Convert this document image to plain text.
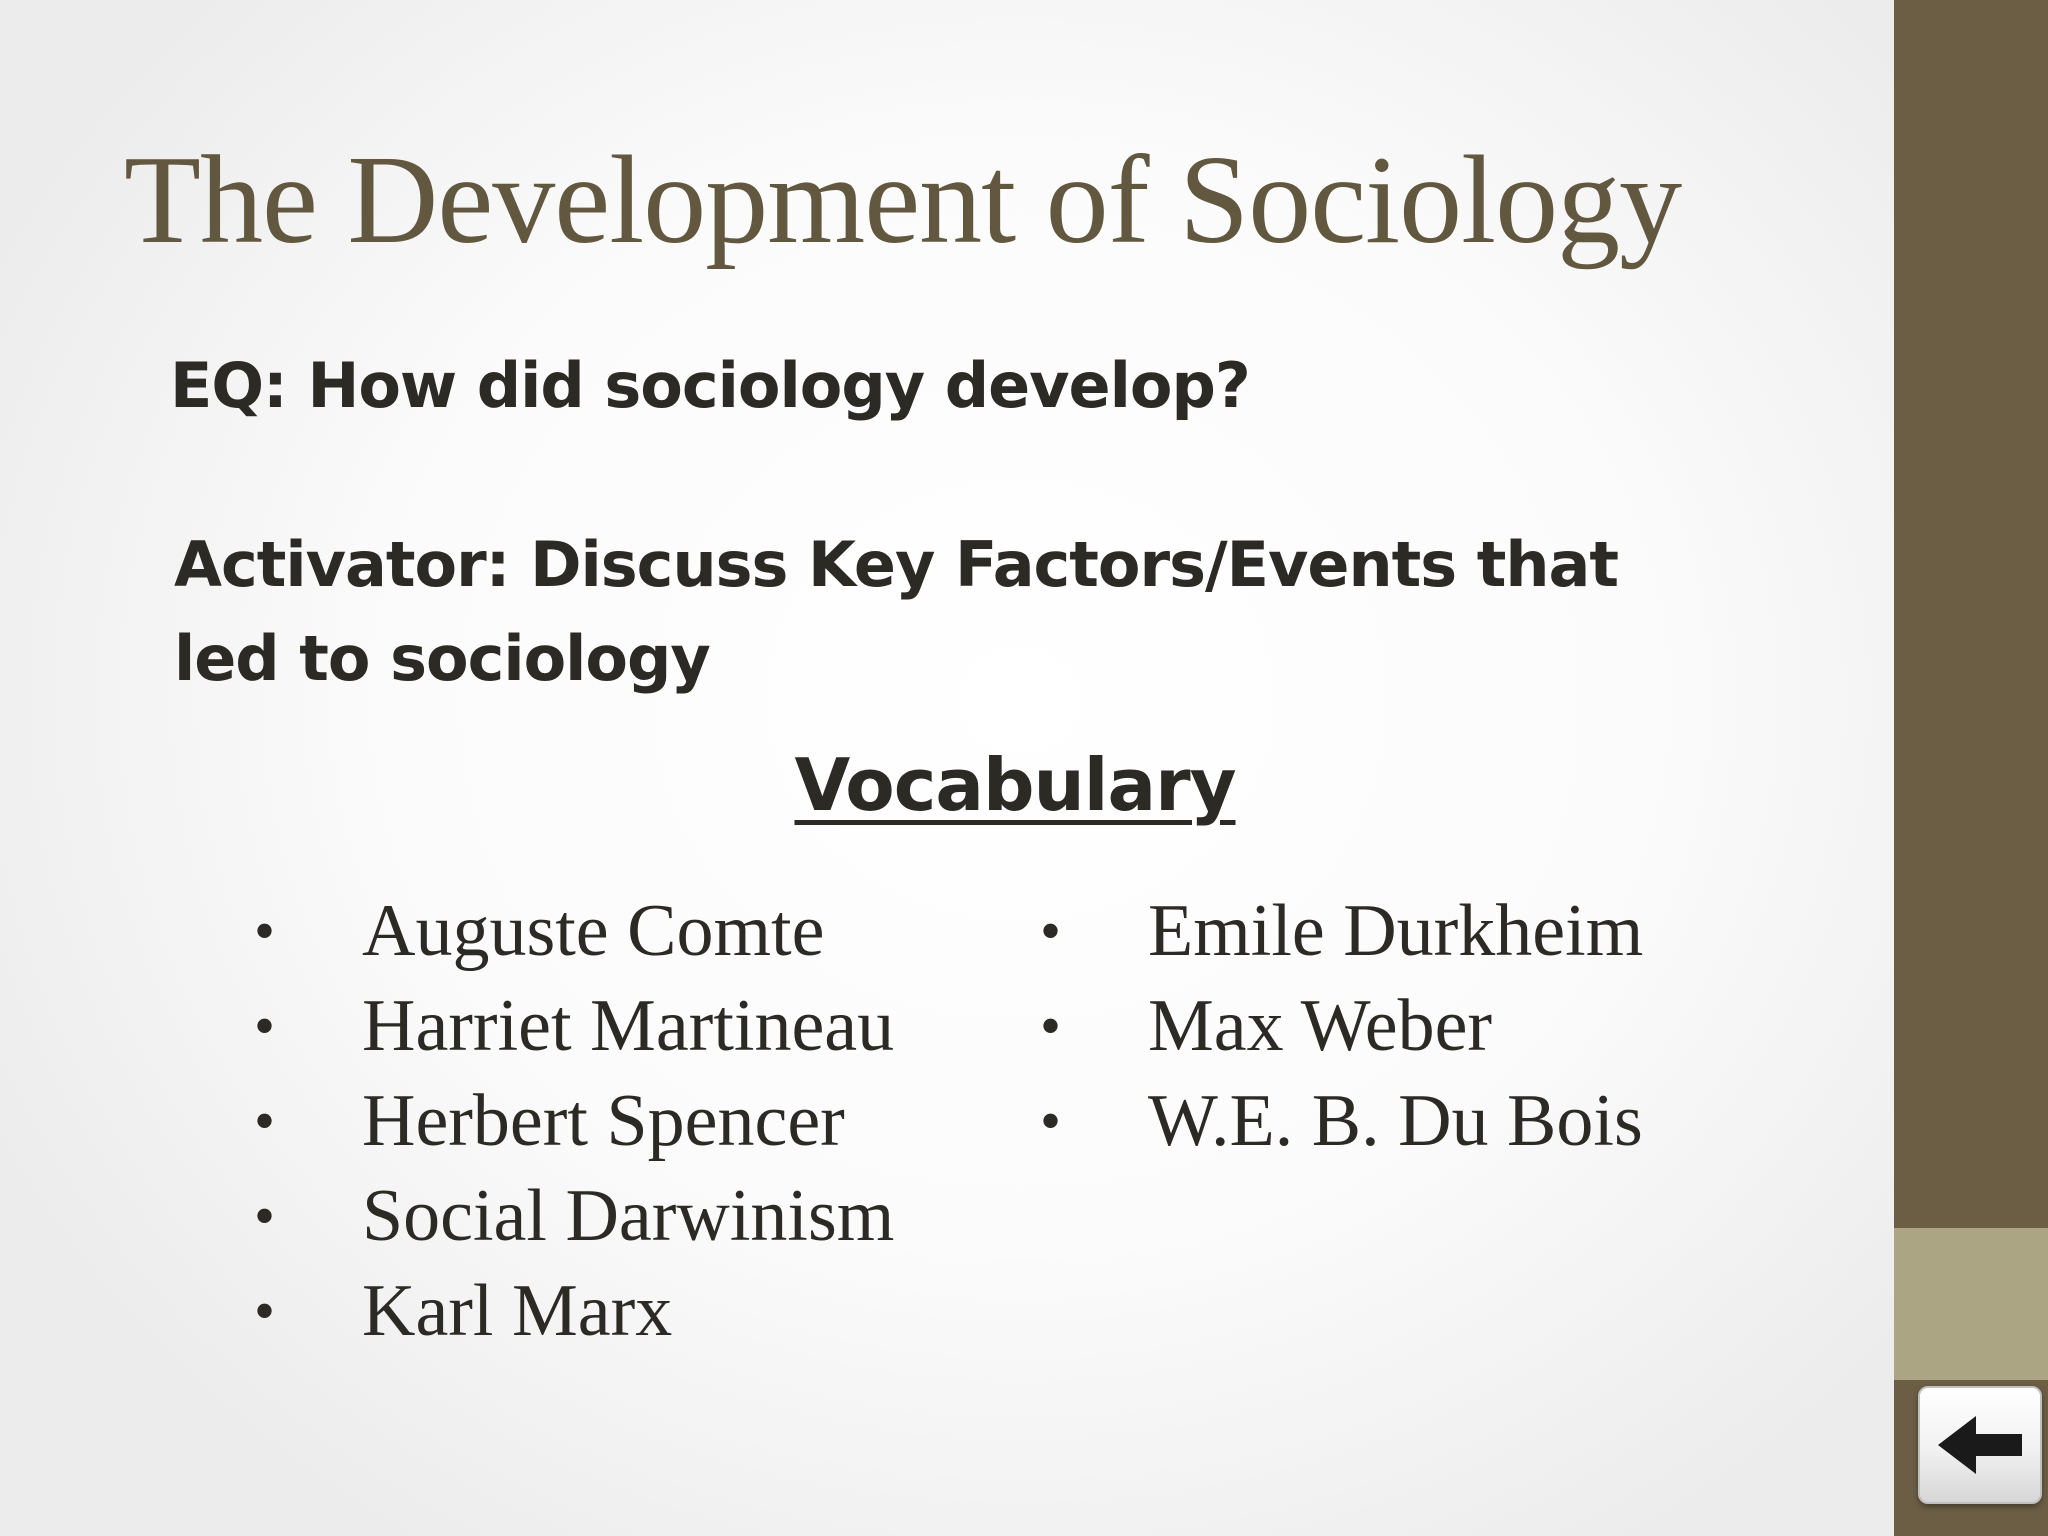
The Development of Sociology

EQ: How did sociology develop?

Activator: Discuss Key Factors/Events that led to sociology

Vocabulary
• Auguste Comte
• Harriet Martineau
• Herbert Spencer
• Social Darwinism
• Karl Marx
• Emile Durkheim
• Max Weber
• W.E. B. Du Bois
